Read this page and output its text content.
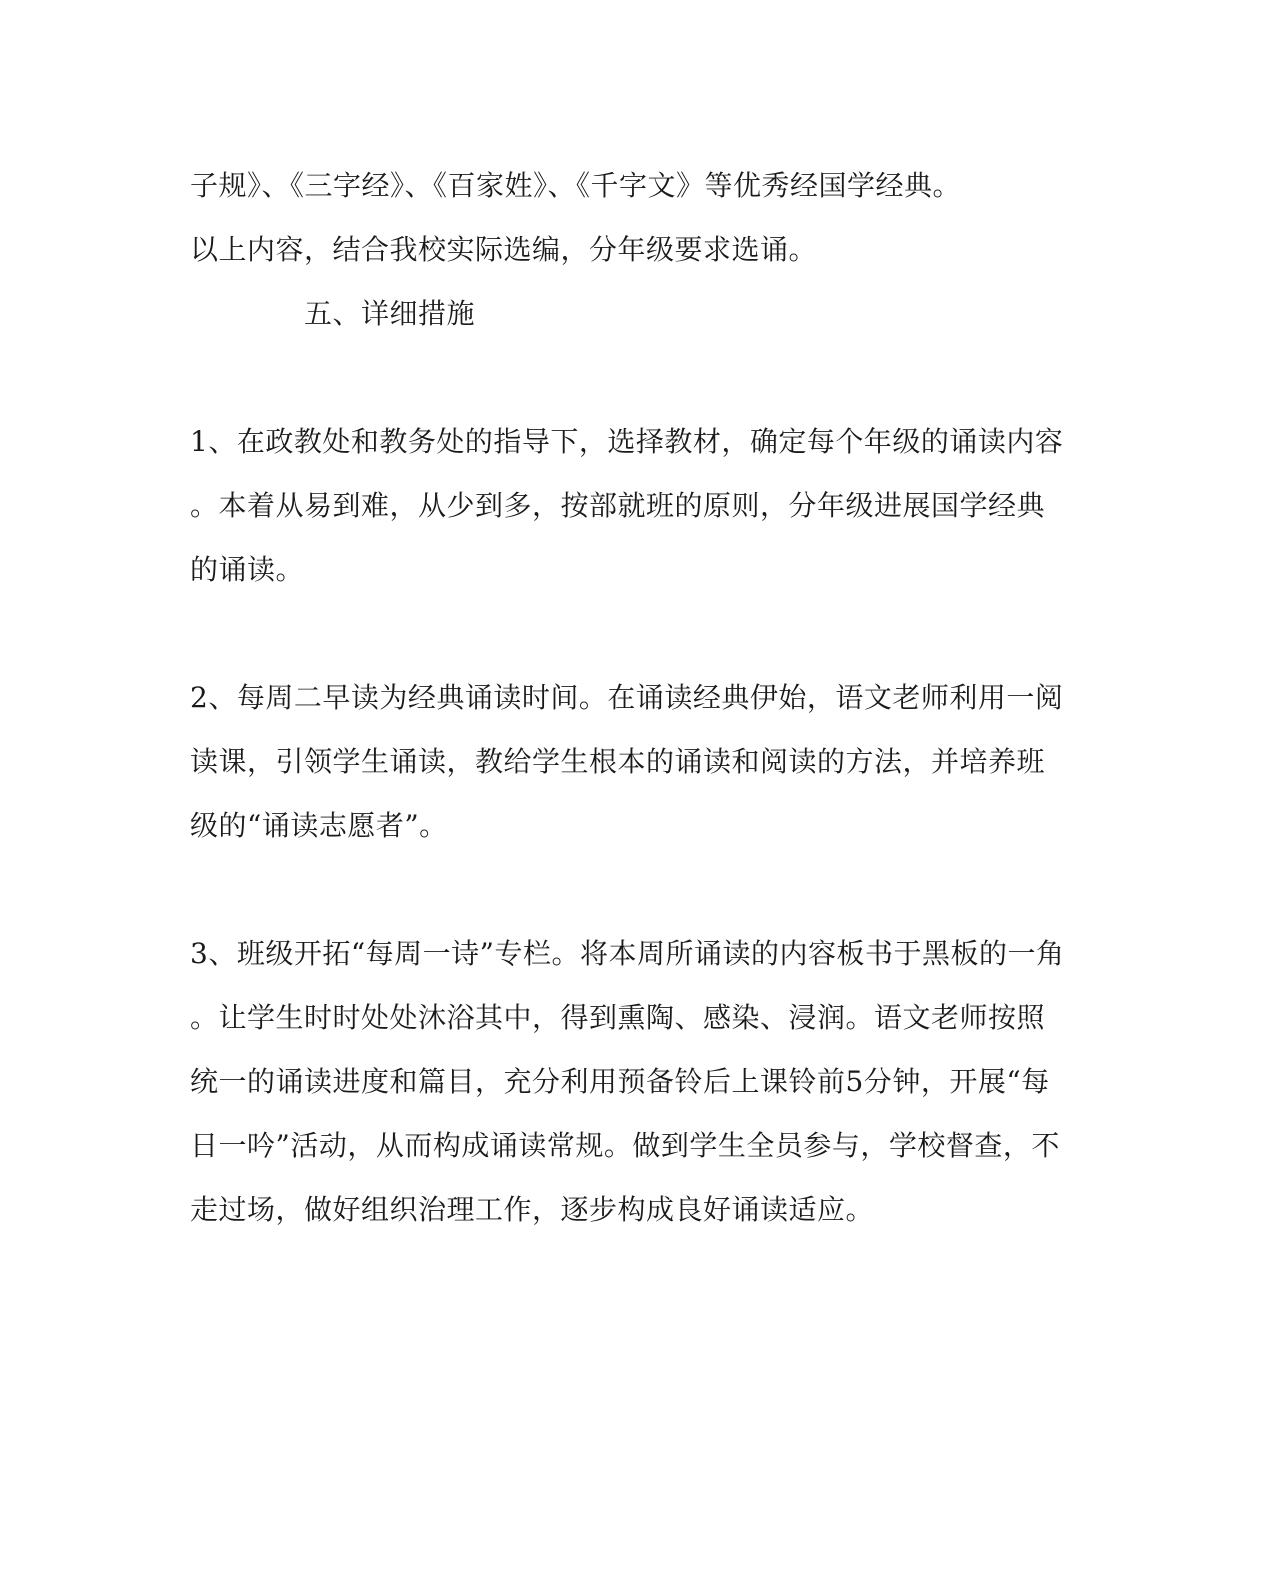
子规》、《三字经》、《百家姓》、《千字文》等优秀经国学经典。
以上内容，结合我校实际选编，分年级要求选诵。
五、详细措施
1、在政教处和教务处的指导下，选择教材，确定每个年级的诵读内容
。本着从易到难，从少到多，按部就班的原则，分年级进展国学经典
的诵读。
2、每周二早读为经典诵读时间。在诵读经典伊始，语文老师利用一阅
读课，引领学生诵读，教给学生根本的诵读和阅读的方法，并培养班
级的“诵读志愿者”。
3、班级开拓“每周一诗”专栏。将本周所诵读的内容板书于黑板的一角
。让学生时时处处沐浴其中，得到熏陶、感染、浸润。语文老师按照
统一的诵读进度和篇目，充分利用预备铃后上课铃前5分钟，开展“每
日一吟”活动，从而构成诵读常规。做到学生全员参与，学校督查，不
走过场，做好组织治理工作，逐步构成良好诵读适应。
